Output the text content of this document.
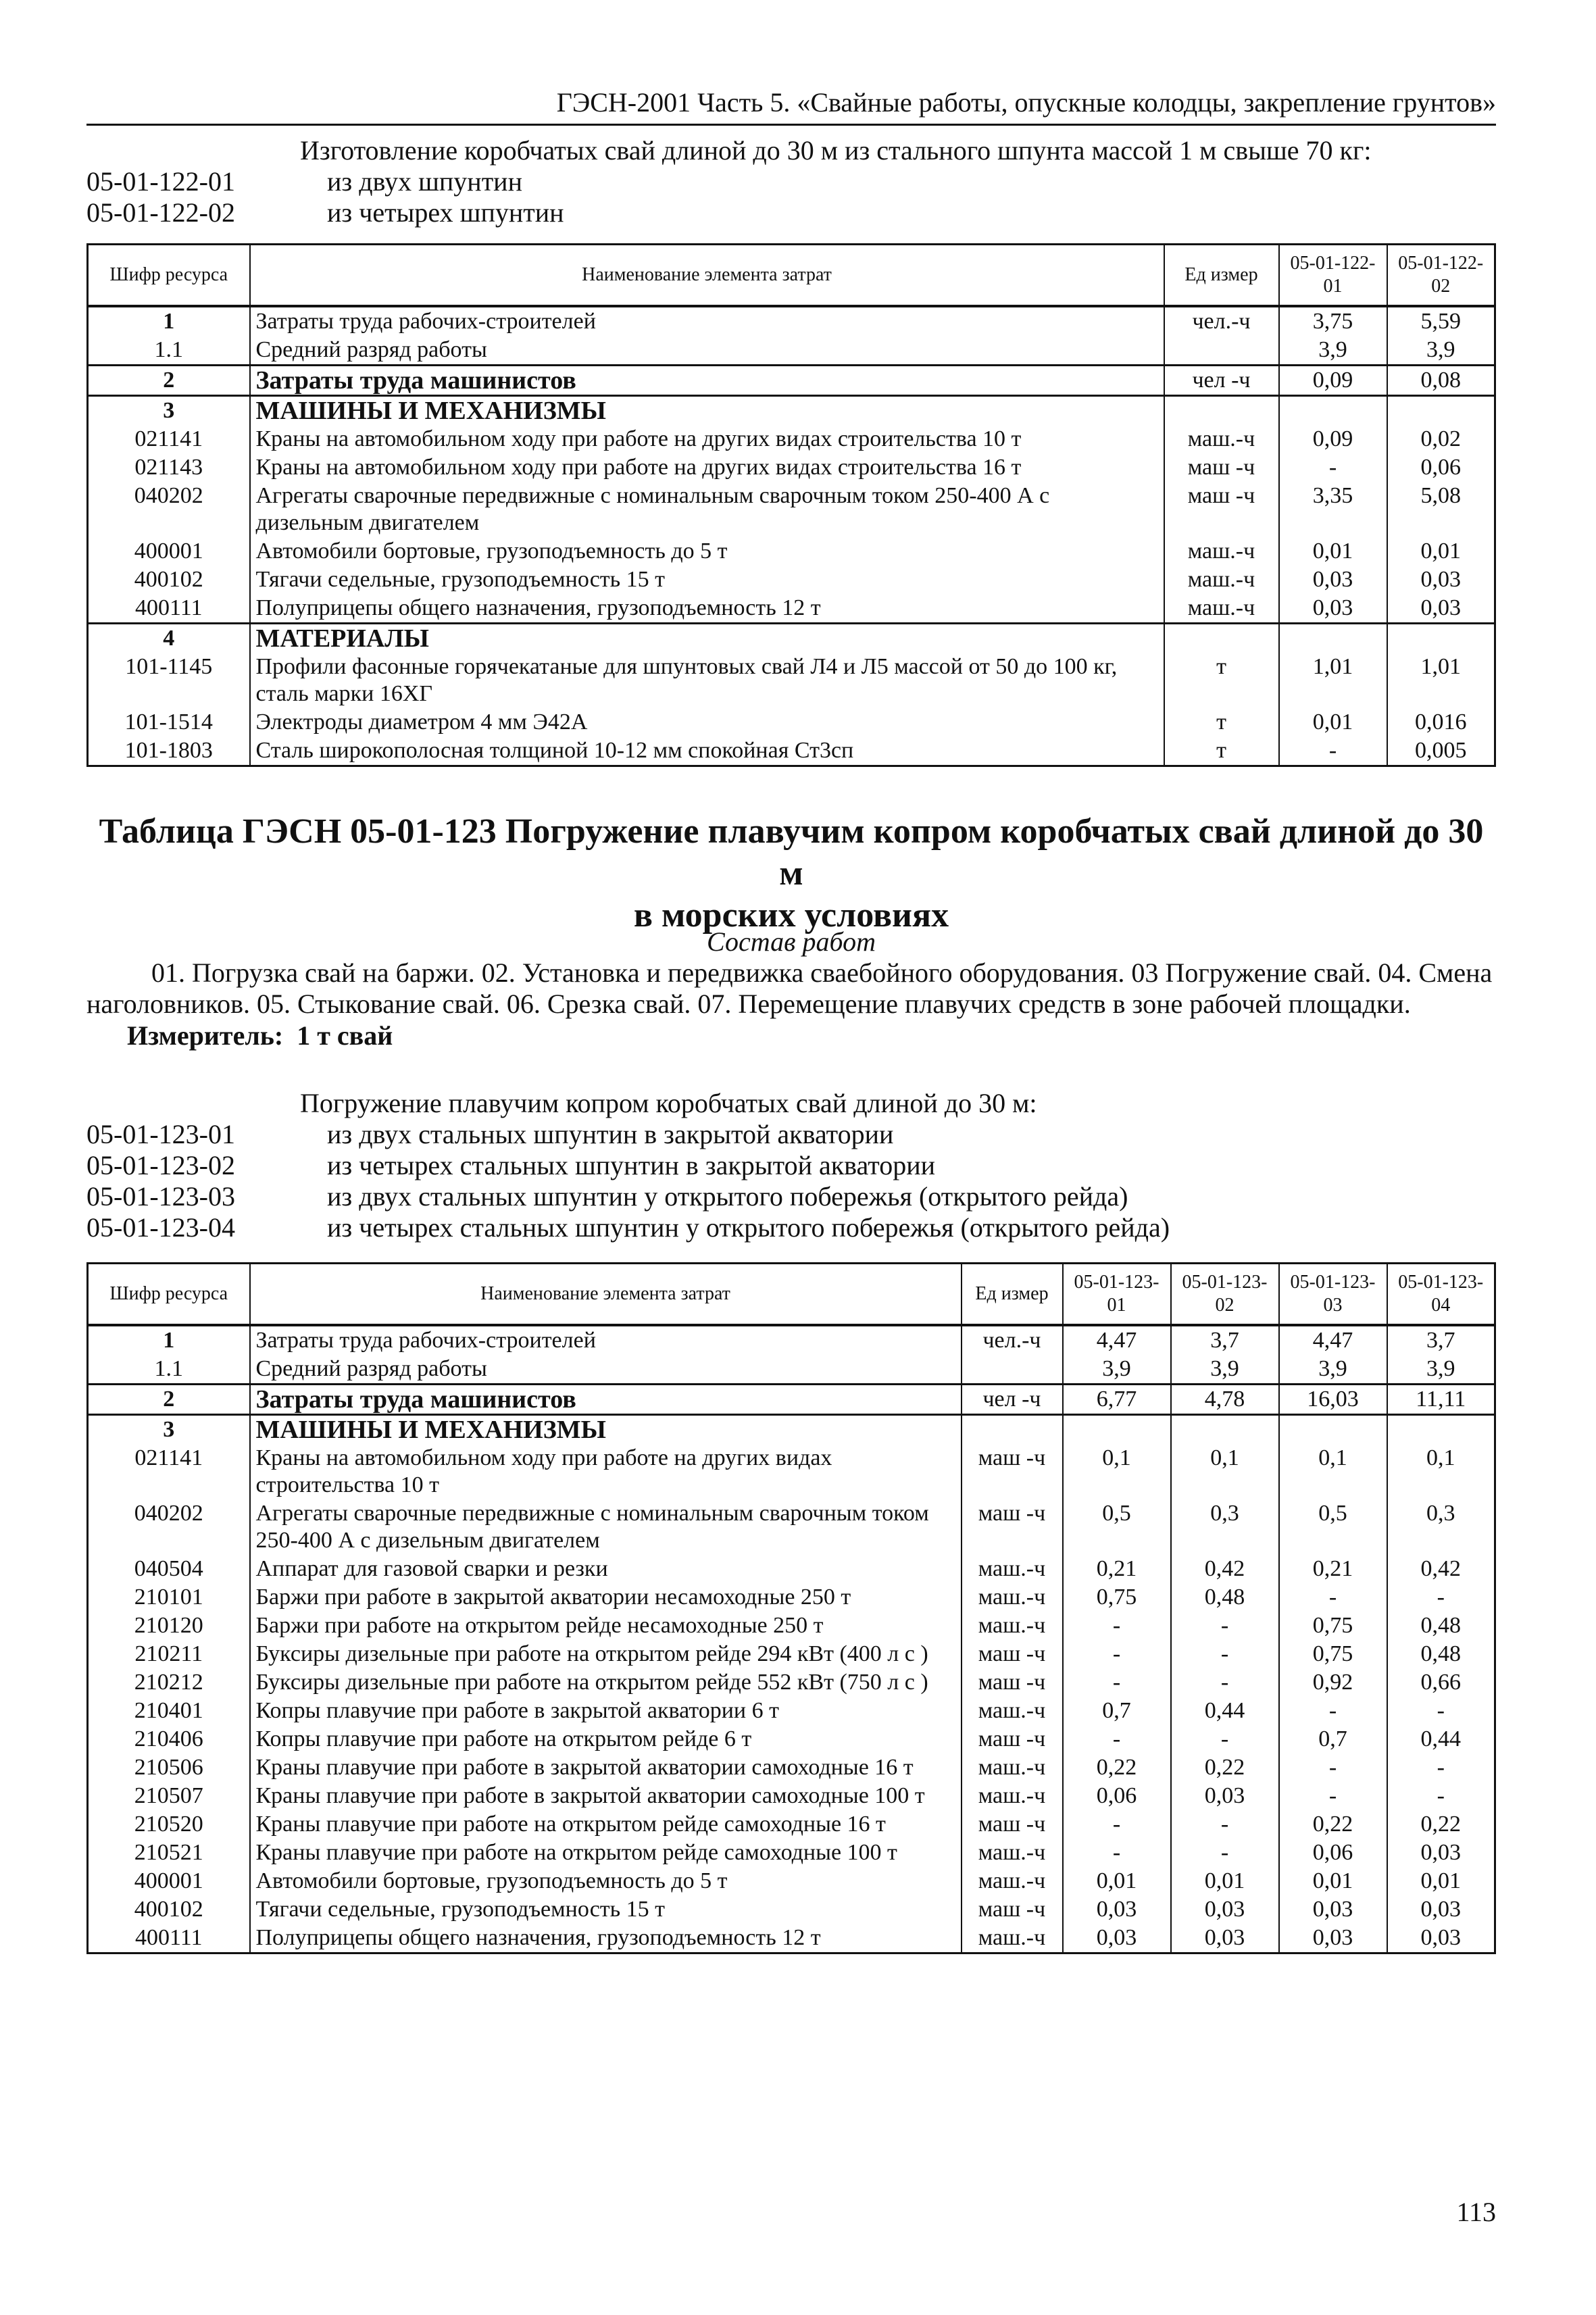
ГЭСН-2001 Часть 5. «Свайные работы, опускные колодцы, закрепление грунтов»
Изготовление коробчатых свай длиной до 30 м из стального шпунта массой 1 м свыше 70 кг:
05-01-122-01	из двух шпунтин
05-01-122-02	из четырех шпунтин
Шифр ресурса	Наименование элемента затрат	Ед измер	05-01-122-01	05-01-122-02
1	Затраты труда рабочих-строителей	чел.-ч	3,75	5,59
1.1	Средний разряд работы		3,9	3,9
2	Затраты труда машинистов	чел -ч	0,09	0,08
3	МАШИНЫ И МЕХАНИЗМЫ			
021141	Краны на автомобильном ходу при работе на других видах строительства 10 т	маш.-ч	0,09	0,02
021143	Краны на автомобильном ходу при работе на других видах строительства 16 т	маш -ч	-	0,06
040202	Агрегаты сварочные передвижные с номинальным сварочным током 250-400 А с дизельным двигателем	маш -ч	3,35	5,08
400001	Автомобили бортовые, грузоподъемность до 5 т	маш.-ч	0,01	0,01
400102	Тягачи седельные, грузоподъемность 15 т	маш.-ч	0,03	0,03
400111	Полуприцепы общего назначения, грузоподъемность 12 т	маш.-ч	0,03	0,03
4	МАТЕРИАЛЫ			
101-1145	Профили фасонные горячекатаные для шпунтовых свай Л4 и Л5 массой от 50 до 100 кг, сталь марки 16ХГ	т	1,01	1,01
101-1514	Электроды диаметром 4 мм Э42А	т	0,01	0,016
101-1803	Сталь широкополосная толщиной 10-12 мм спокойная Ст3сп	т	-	0,005
Таблица ГЭСН 05-01-123 Погружение плавучим копром коробчатых свай длиной до 30 м
в морских условиях
Состав работ
01. Погрузка свай на баржи. 02. Установка и передвижка сваебойного оборудования. 03 Погружение свай. 04. Смена наголовников. 05. Стыкование свай. 06. Срезка свай. 07. Перемещение плавучих средств в зоне рабочей площадки.
Измеритель: 1 т свай
Погружение плавучим копром коробчатых свай длиной до 30 м:
05-01-123-01	из двух стальных шпунтин в закрытой акватории
05-01-123-02	из четырех стальных шпунтин в закрытой акватории
05-01-123-03	из двух стальных шпунтин у открытого побережья (открытого рейда)
05-01-123-04	из четырех стальных шпунтин у открытого побережья (открытого рейда)
Шифр ресурса	Наименование элемента затрат	Ед измер	05-01-123-01	05-01-123-02	05-01-123-03	05-01-123-04
1	Затраты труда рабочих-строителей	чел.-ч	4,47	3,7	4,47	3,7
1.1	Средний разряд работы		3,9	3,9	3,9	3,9
2	Затраты труда машинистов	чел -ч	6,77	4,78	16,03	11,11
3	МАШИНЫ И МЕХАНИЗМЫ					
021141	Краны на автомобильном ходу при работе на других видах строительства 10 т	маш -ч	0,1	0,1	0,1	0,1
040202	Агрегаты сварочные передвижные с номинальным сварочным током 250-400 А с дизельным двигателем	маш -ч	0,5	0,3	0,5	0,3
040504	Аппарат для газовой сварки и резки	маш.-ч	0,21	0,42	0,21	0,42
210101	Баржи при работе в закрытой акватории несамоходные 250 т	маш.-ч	0,75	0,48	-	-
210120	Баржи при работе на открытом рейде несамоходные 250 т	маш.-ч	-	-	0,75	0,48
210211	Буксиры дизельные при работе на открытом рейде 294 кВт (400 л с )	маш -ч	-	-	0,75	0,48
210212	Буксиры дизельные при работе на открытом рейде 552 кВт (750 л с )	маш -ч	-	-	0,92	0,66
210401	Копры плавучие при работе в закрытой акватории 6 т	маш.-ч	0,7	0,44	-	-
210406	Копры плавучие при работе на открытом рейде 6 т	маш -ч	-	-	0,7	0,44
210506	Краны плавучие при работе в закрытой акватории самоходные 16 т	маш.-ч	0,22	0,22	-	-
210507	Краны плавучие при работе в закрытой акватории самоходные 100 т	маш.-ч	0,06	0,03	-	-
210520	Краны плавучие при работе на открытом рейде самоходные 16 т	маш -ч	-	-	0,22	0,22
210521	Краны плавучие при работе на открытом рейде самоходные 100 т	маш.-ч	-	-	0,06	0,03
400001	Автомобили бортовые, грузоподъемность до 5 т	маш.-ч	0,01	0,01	0,01	0,01
400102	Тягачи седельные, грузоподъемность 15 т	маш -ч	0,03	0,03	0,03	0,03
400111	Полуприцепы общего назначения, грузоподъемность 12 т	маш.-ч	0,03	0,03	0,03	0,03
113
